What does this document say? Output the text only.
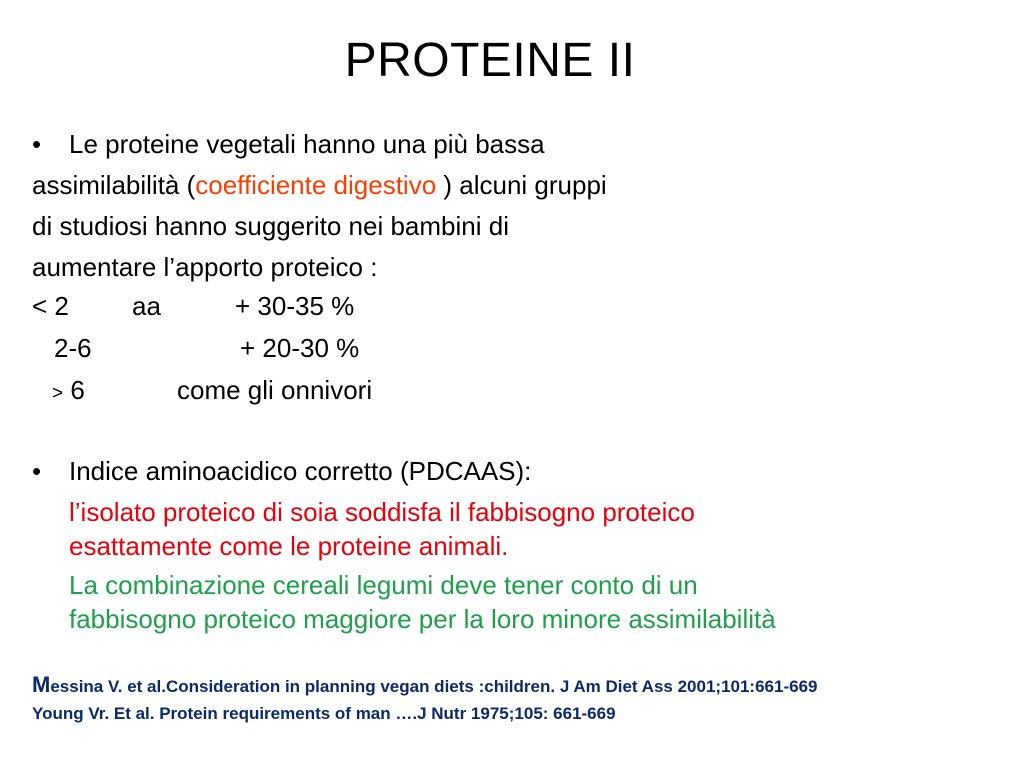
PROTEINE II
• Le proteine vegetali hanno una più bassa
assimilabilità (coefficiente digestivo ) alcuni gruppi
di studiosi hanno suggerito nei bambini di
aumentare l’apporto proteico :
< 2 aa	+ 30-35 %
2-6	+ 20-30 %
> 6	come gli onnivori
• Indice aminoacidico corretto (PDCAAS):
l’isolato proteico di soia soddisfa il fabbisogno proteico
esattamente come le proteine animali.
La combinazione cereali legumi deve tener conto di un
fabbisogno proteico maggiore per la loro minore assimilabilità
Messina V. et al.Consideration in planning vegan diets :children. J Am Diet Ass 2001;101:661-669
Young Vr. Et al. Protein requirements of man ….J Nutr 1975;105: 661-669
